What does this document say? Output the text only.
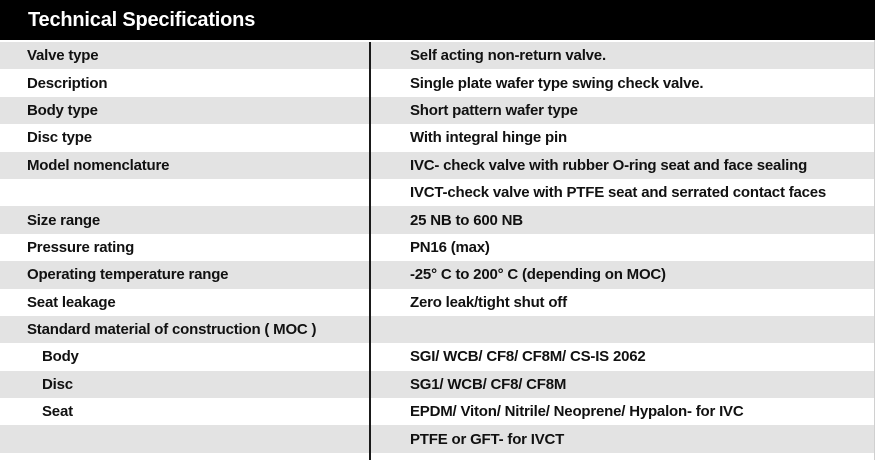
Technical Specifications
Valve type	Self acting non-return valve.
Description	Single plate wafer type swing check valve.
Body type	Short pattern wafer type
Disc type	With integral hinge pin
Model nomenclature	IVC- check valve with rubber O-ring seat and face sealing
IVCT-check valve with PTFE seat and serrated contact faces
Size range	25 NB to 600 NB
Pressure rating	PN16 (max)
Operating temperature range	-25° C to 200° C (depending on MOC)
Seat leakage	Zero leak/tight shut off
Standard material of construction ( MOC )
Body	SGI/ WCB/ CF8/ CF8M/ CS-IS 2062
Disc	SG1/ WCB/ CF8/ CF8M
Seat	EPDM/ Viton/ Nitrile/ Neoprene/ Hypalon- for IVC
PTFE or GFT- for IVCT
